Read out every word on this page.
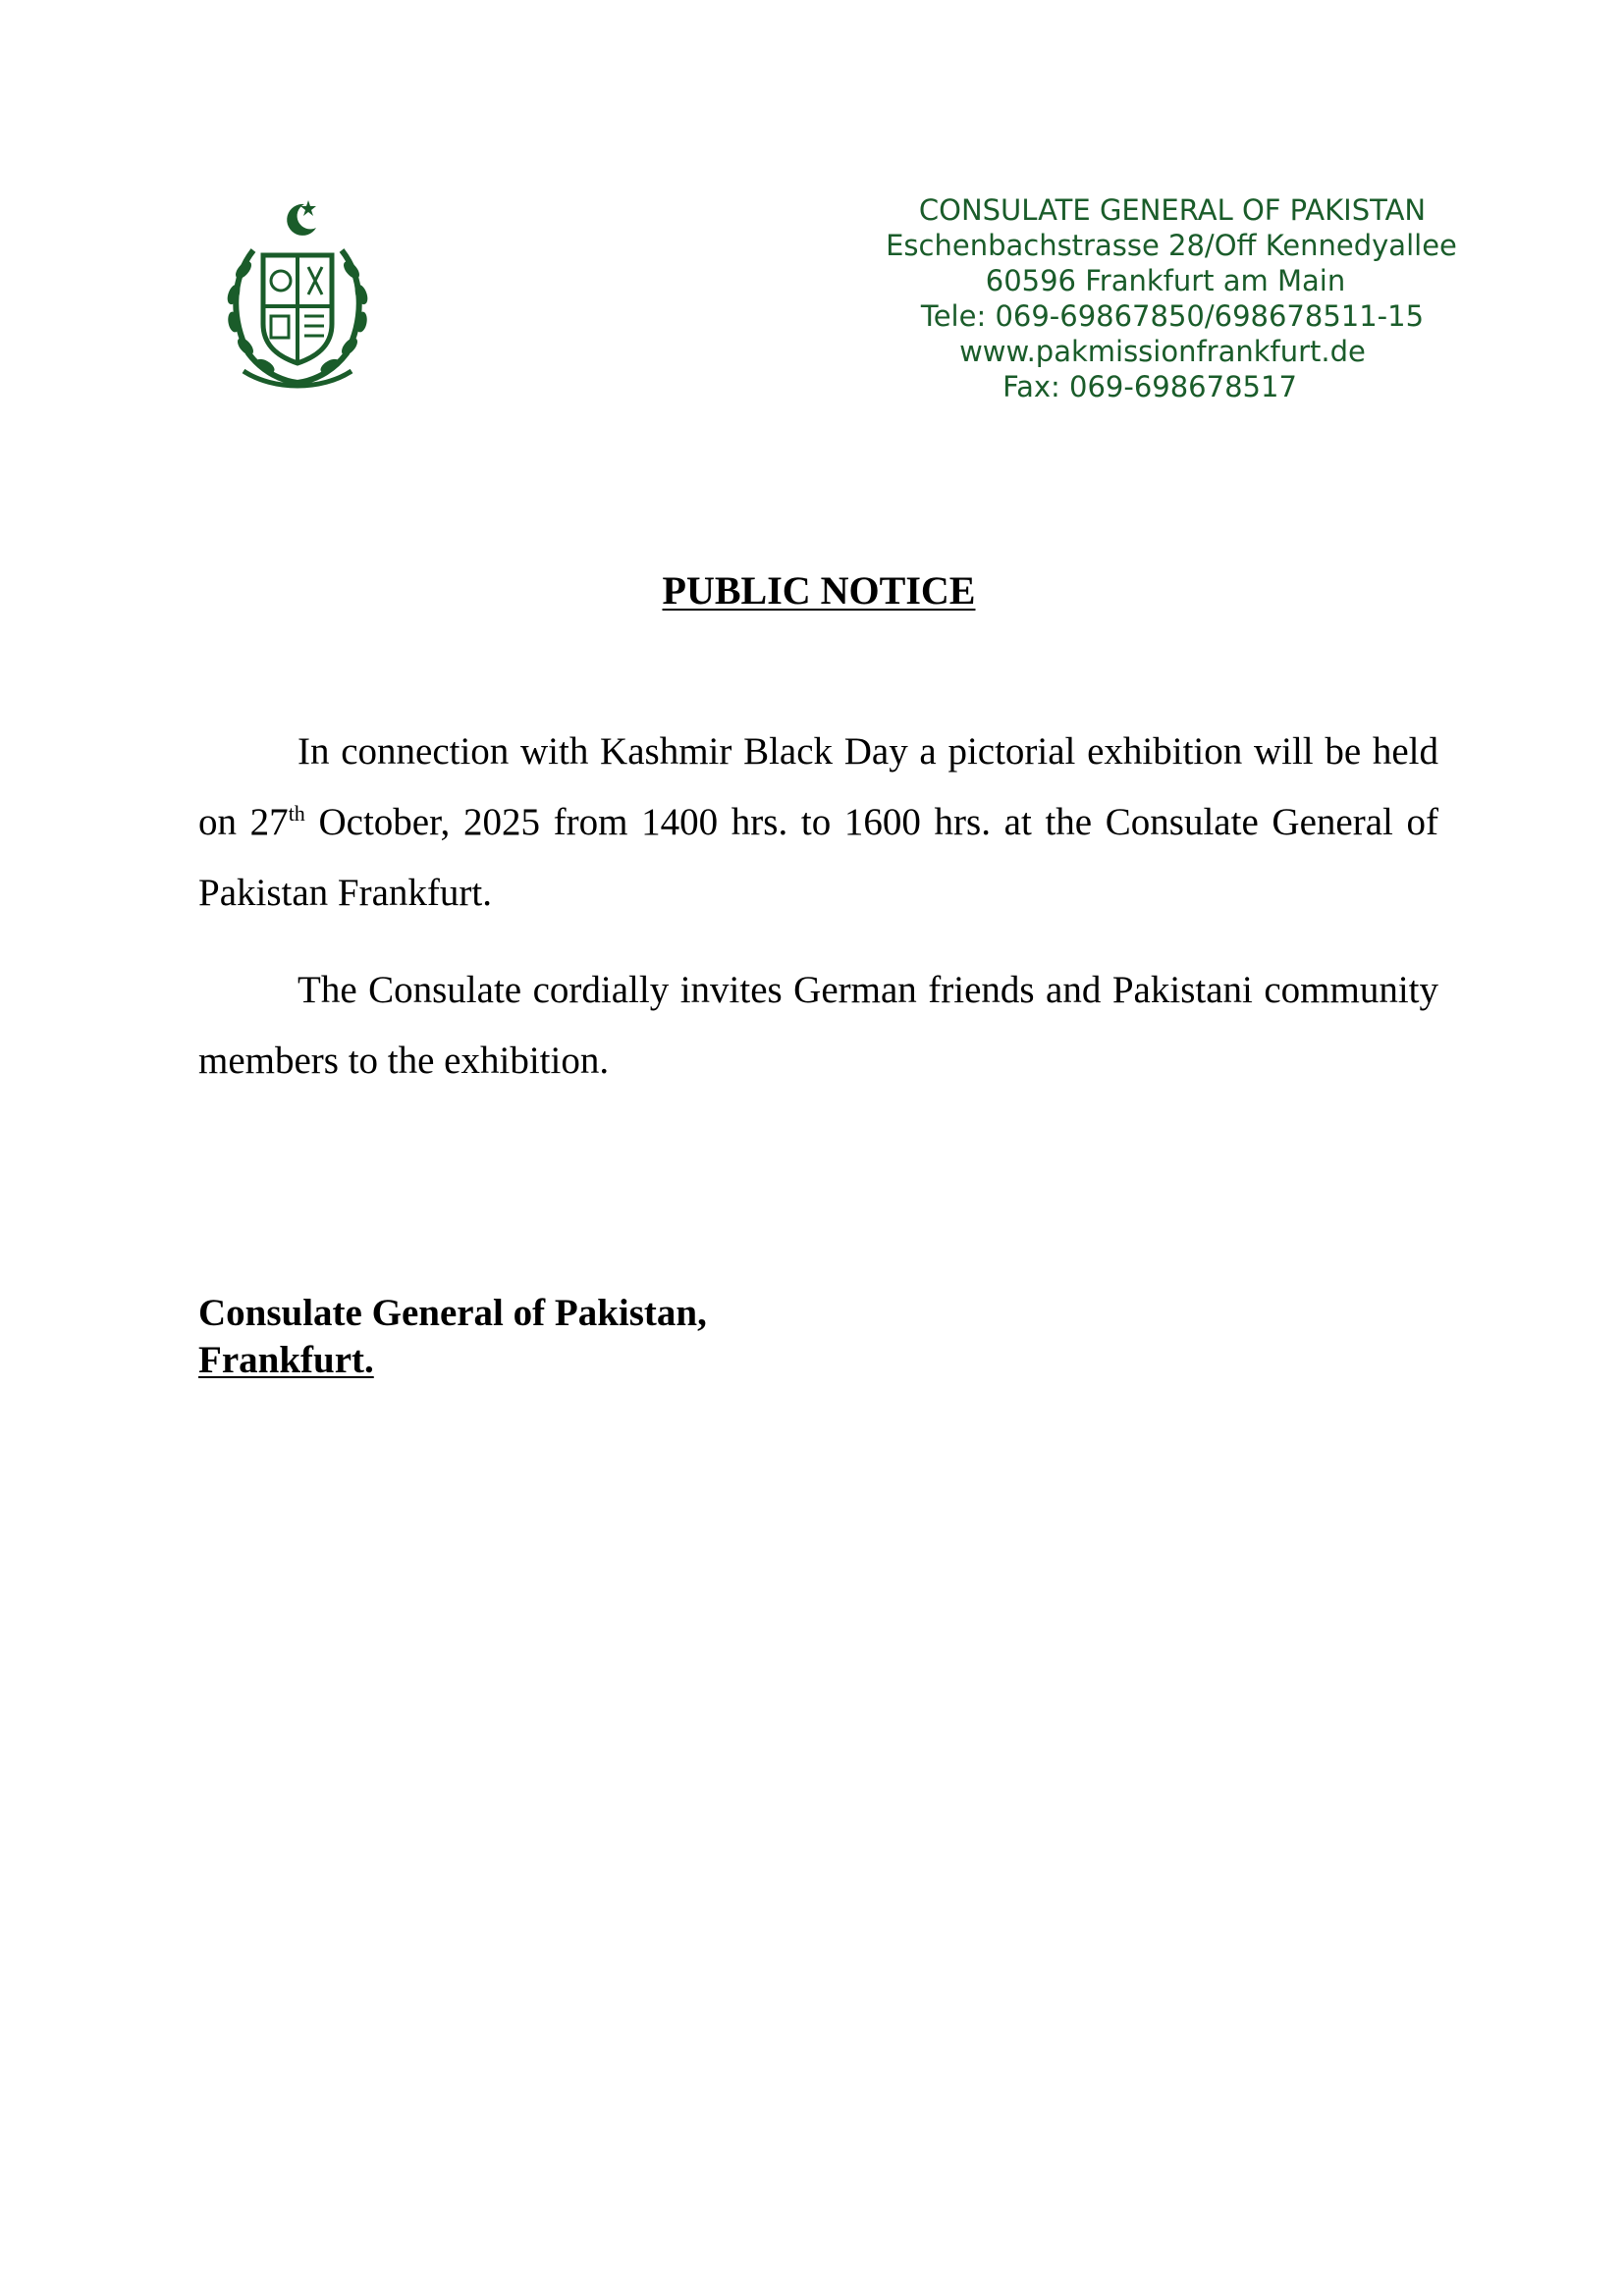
CONSULATE GENERAL OF PAKISTAN
Eschenbachstrasse 28/Off Kennedyallee
60596 Frankfurt am Main
Tele: 069-69867850/698678511-15
www.pakmissionfrankfurt.de
Fax: 069-698678517
PUBLIC NOTICE

In connection with Kashmir Black Day a pictorial exhibition will be held on 27th October, 2025 from 1400 hrs. to 1600 hrs. at the Consulate General of Pakistan Frankfurt.

The Consulate cordially invites German friends and Pakistani community members to the exhibition.

Consulate General of Pakistan,
Frankfurt.
